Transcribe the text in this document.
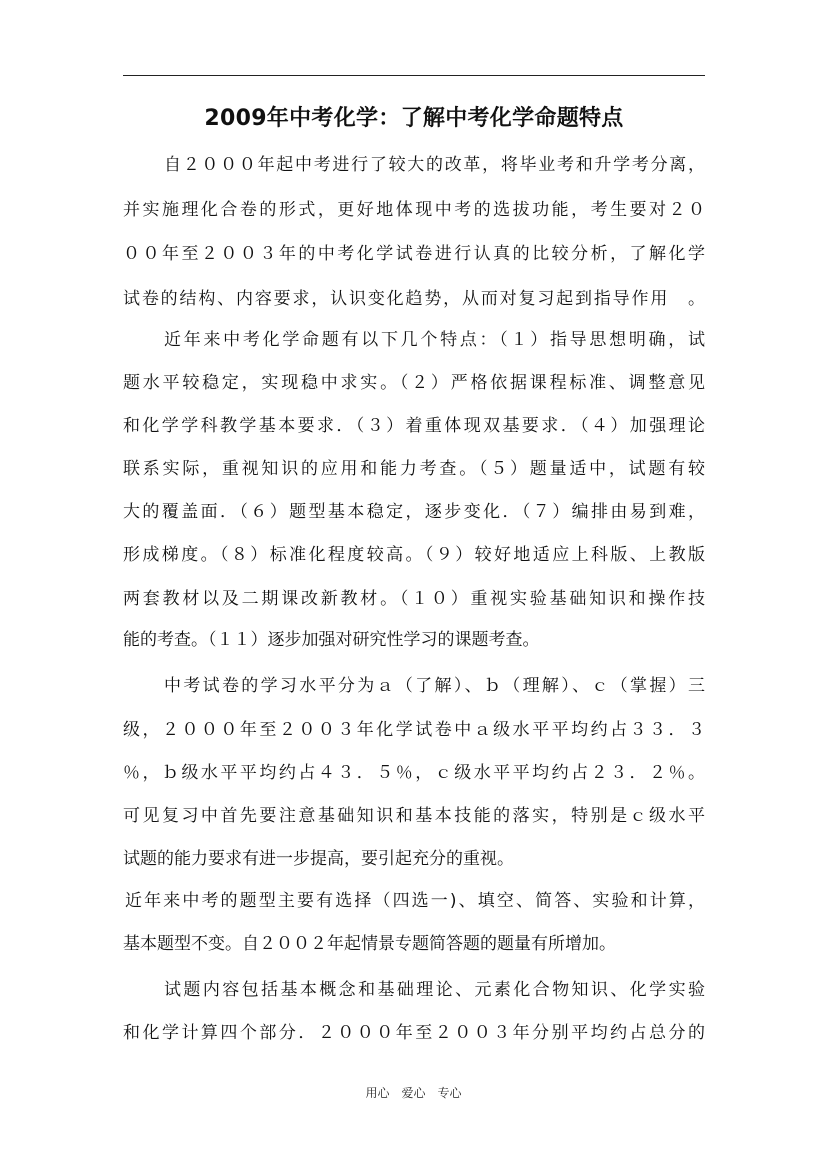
2009年中考化学：了解中考化学命题特点

自２０００年起中考进行了较大的改革，将毕业考和升学考分离，

并实施理化合卷的形式，更好地体现中考的选拔功能，考生要对２０

００年至２００３年的中考化学试卷进行认真的比较分析，了解化学

试卷的结构、内容要求，认识变化趋势，从而对复习起到指导作用　。

近年来中考化学命题有以下几个特点：（１）指导思想明确，试

题水平较稳定，实现稳中求实。（２）严格依据课程标准、调整意见

和化学学科教学基本要求．（３）着重体现双基要求．（４）加强理论

联系实际，重视知识的应用和能力考查。（５）题量适中，试题有较

大的覆盖面．（６）题型基本稳定，逐步变化．（７）编排由易到难，

形成梯度。（８）标准化程度较高。（９）较好地适应上科版、上教版

两套教材以及二期课改新教材。（１０）重视实验基础知识和操作技

能的考查。（１１）逐步加强对研究性学习的课题考查。

中考试卷的学习水平分为ａ（了解）、ｂ（理解）、ｃ（掌握）三

级，２０００年至２００３年化学试卷中ａ级水平平均约占３３．３

％，ｂ级水平平均约占４３．５％，ｃ级水平平均约占２３．２％。

可见复习中首先要注意基础知识和基本技能的落实，特别是ｃ级水平

试题的能力要求有进一步提高，要引起充分的重视。

近年来中考的题型主要有选择（四选一)、填空、简答、实验和计算，

基本题型不变。自２００２年起情景专题简答题的题量有所增加。

试题内容包括基本概念和基础理论、元素化合物知识、化学实验

和化学计算四个部分．２０００年至２００３年分别平均约占总分的

用心　爱心　专心
